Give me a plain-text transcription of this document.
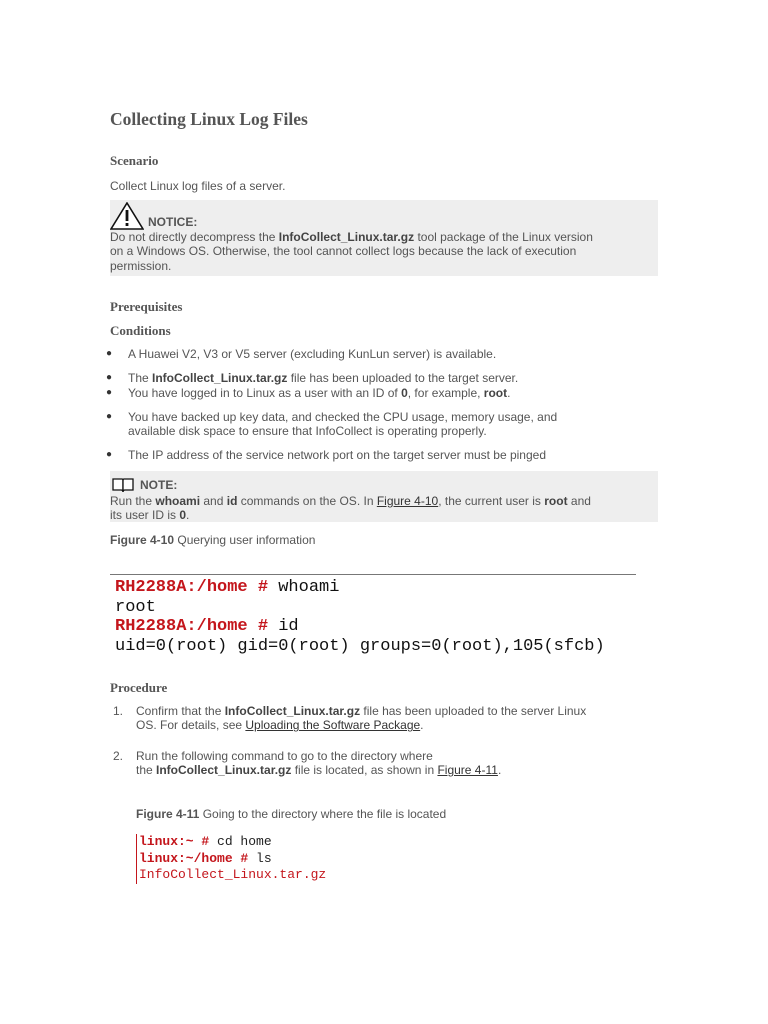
Collecting Linux Log Files
Scenario
Collect Linux log files of a server.
NOTICE:
Do not directly decompress the InfoCollect_Linux.tar.gz tool package of the Linux version
on a Windows OS. Otherwise, the tool cannot collect logs because the lack of execution
permission.
Prerequisites
Conditions
● A Huawei V2, V3 or V5 server (excluding KunLun server) is available.
● The InfoCollect_Linux.tar.gz file has been uploaded to the target server.
● You have logged in to Linux as a user with an ID of 0, for example, root.
● You have backed up key data, and checked the CPU usage, memory usage, and
available disk space to ensure that InfoCollect is operating properly.
● The IP address of the service network port on the target server must be pinged
NOTE:
Run the whoami and id commands on the OS. In Figure 4-10, the current user is root and
its user ID is 0.
Figure 4-10 Querying user information
RH2288A:/home # whoami
root
RH2288A:/home # id
uid=0(root) gid=0(root) groups=0(root),105(sfcb)
Procedure
1. Confirm that the InfoCollect_Linux.tar.gz file has been uploaded to the server Linux
OS. For details, see Uploading the Software Package.
2. Run the following command to go to the directory where
the InfoCollect_Linux.tar.gz file is located, as shown in Figure 4-11.
Figure 4-11 Going to the directory where the file is located
linux:~ # cd home
linux:~/home # ls
InfoCollect_Linux.tar.gz
